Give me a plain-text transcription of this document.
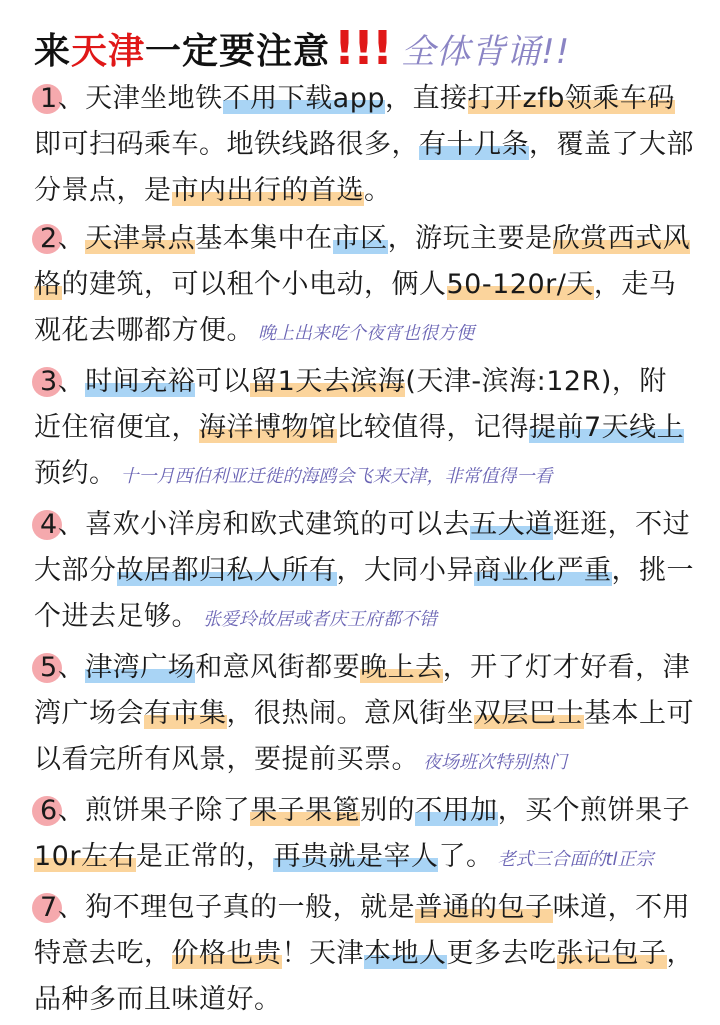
来 天津 一定要注意 !!! 全体背诵!!
1、天津坐地铁不用下载app，直接打开zfb领乘车码即可扫码乘车。地铁线路很多，有十几条，覆盖了大部分景点，是市内出行的首选。
2、天津景点基本集中在市区，游玩主要是欣赏西式风格的建筑，可以租个小电动，俩人50-120r/天，走马观花去哪都方便。 晚上出来吃个夜宵也很方便
3、时间充裕可以留1天去滨海(天津-滨海:12R)，附近住宿便宜，海洋博物馆比较值得，记得提前7天线上预约。 十一月西伯利亚迁徙的海鸥会飞来天津，非常值得一看
4、喜欢小洋房和欧式建筑的可以去五大道逛逛，不过大部分故居都归私人所有，大同小异商业化严重，挑一个进去足够。 张爱玲故居或者庆王府都不错
5、津湾广场和意风街都要晚上去，开了灯才好看，津湾广场会有市集，很热闹。意风街坐双层巴士基本上可以看完所有风景，要提前买票。 夜场班次特别热门
6、煎饼果子除了果子果篦别的不用加，买个煎饼果子10r左右是正常的，再贵就是宰人了。 老式三合面的tl正宗
7、狗不理包子真的一般，就是普通的包子味道，不用特意去吃，价格也贵！天津本地人更多去吃张记包子，品种多而且味道好。
